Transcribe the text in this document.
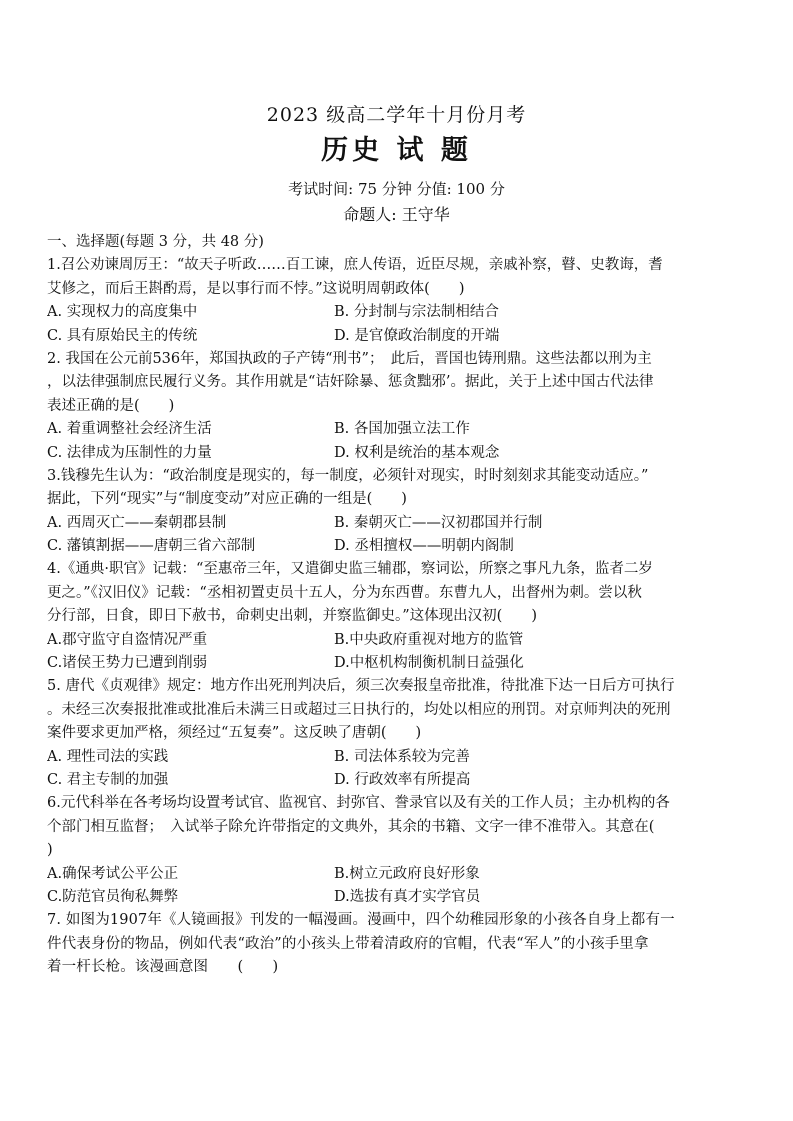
2023 级高二学年十月份月考
历史 试 题
考试时间: 75 分钟 分值: 100 分
命题人: 王守华
一、选择题(每题 3 分，共 48 分)
1.召公劝谏周厉王：“故天子听政……百工谏，庶人传语，近臣尽规，亲戚补察，瞽、史教诲，耆
艾修之，而后王斟酌焉，是以事行而不悖。”这说明周朝政体(　　)
A. 实现权力的高度集中	B. 分封制与宗法制相结合
C. 具有原始民主的传统	D. 是官僚政治制度的开端
2. 我国在公元前536年，郑国执政的子产铸“刑书”；　此后，晋国也铸刑鼎。这些法都以刑为主
，以法律强制庶民履行义务。其作用就是“诘奸除暴、惩贪黜邪’。据此，关于上述中国古代法律
表述正确的是(　　)
A. 着重调整社会经济生活	B. 各国加强立法工作
C. 法律成为压制性的力量	D. 权利是统治的基本观念
3.钱穆先生认为：“政治制度是现实的，每一制度，必须针对现实，时时刻刻求其能变动适应。”
据此，下列“现实”与“制度变动”对应正确的一组是(　　)
A. 西周灭亡——秦朝郡县制	B. 秦朝灭亡——汉初郡国并行制
C. 藩镇割据——唐朝三省六部制	D. 丞相擅权——明朝内阁制
4.《通典·职官》记载：“至惠帝三年，又遣御史监三辅郡，察词讼，所察之事凡九条，监者二岁
更之。”《汉旧仪》记载：“丞相初置吏员十五人，分为东西曹。东曹九人，出督州为刺。尝以秋
分行部，日食，即日下赦书，命刺史出刺，并察监御史。”这体现出汉初(　　)
A.郡守监守自盗情况严重	B.中央政府重视对地方的监管
C.诸侯王势力已遭到削弱	D.中枢机构制衡机制日益强化
5. 唐代《贞观律》规定：地方作出死刑判决后，须三次奏报皇帝批准，待批准下达一日后方可执行
。未经三次奏报批准或批准后未满三日或超过三日执行的，均处以相应的刑罚。对京师判决的死刑
案件要求更加严格，须经过“五复奏”。这反映了唐朝(　　)
A. 理性司法的实践	B. 司法体系较为完善
C. 君主专制的加强	D. 行政效率有所提高
6.元代科举在各考场均设置考试官、监视官、封弥官、誊录官以及有关的工作人员；主办机构的各
个部门相互监督；　入试举子除允许带指定的文典外，其余的书籍、文字一律不准带入。其意在(
)
A.确保考试公平公正	B.树立元政府良好形象
C.防范官员徇私舞弊	D.选拔有真才实学官员
7. 如图为1907年《人镜画报》刊发的一幅漫画。漫画中，四个幼稚园形象的小孩各自身上都有一
件代表身份的物品，例如代表“政治”的小孩头上带着清政府的官帽，代表“军人”的小孩手里拿
着一杆长枪。该漫画意图　　(　　)
